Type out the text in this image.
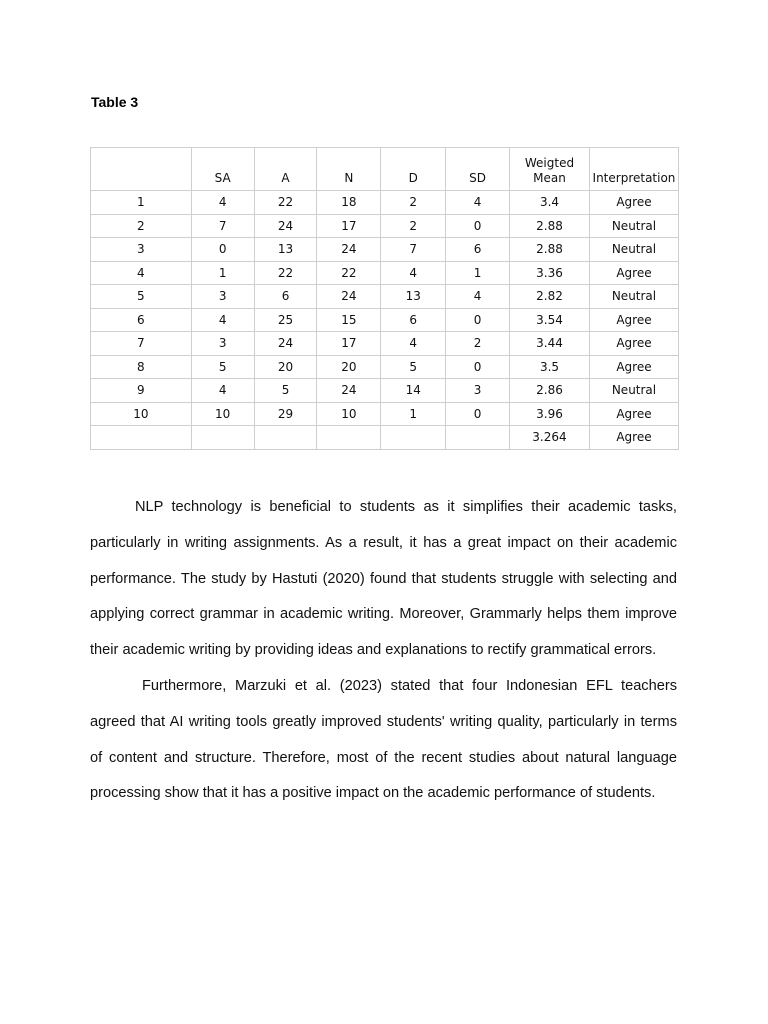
Table 3
	SA	A	N	D	SD	Weigted Mean	Interpretation
1	4	22	18	2	4	3.4	Agree
2	7	24	17	2	0	2.88	Neutral
3	0	13	24	7	6	2.88	Neutral
4	1	22	22	4	1	3.36	Agree
5	3	6	24	13	4	2.82	Neutral
6	4	25	15	6	0	3.54	Agree
7	3	24	17	4	2	3.44	Agree
8	5	20	20	5	0	3.5	Agree
9	4	5	24	14	3	2.86	Neutral
10	10	29	10	1	0	3.96	Agree
						3.264	Agree

NLP technology is beneficial to students as it simplifies their academic tasks, particularly in writing assignments. As a result, it has a great impact on their academic performance. The study by Hastuti (2020) found that students struggle with selecting and applying correct grammar in academic writing. Moreover, Grammarly helps them improve their academic writing by providing ideas and explanations to rectify grammatical errors.

Furthermore, Marzuki et al. (2023) stated that four Indonesian EFL teachers agreed that AI writing tools greatly improved students' writing quality, particularly in terms of content and structure. Therefore, most of the recent studies about natural language processing show that it has a positive impact on the academic performance of students.
